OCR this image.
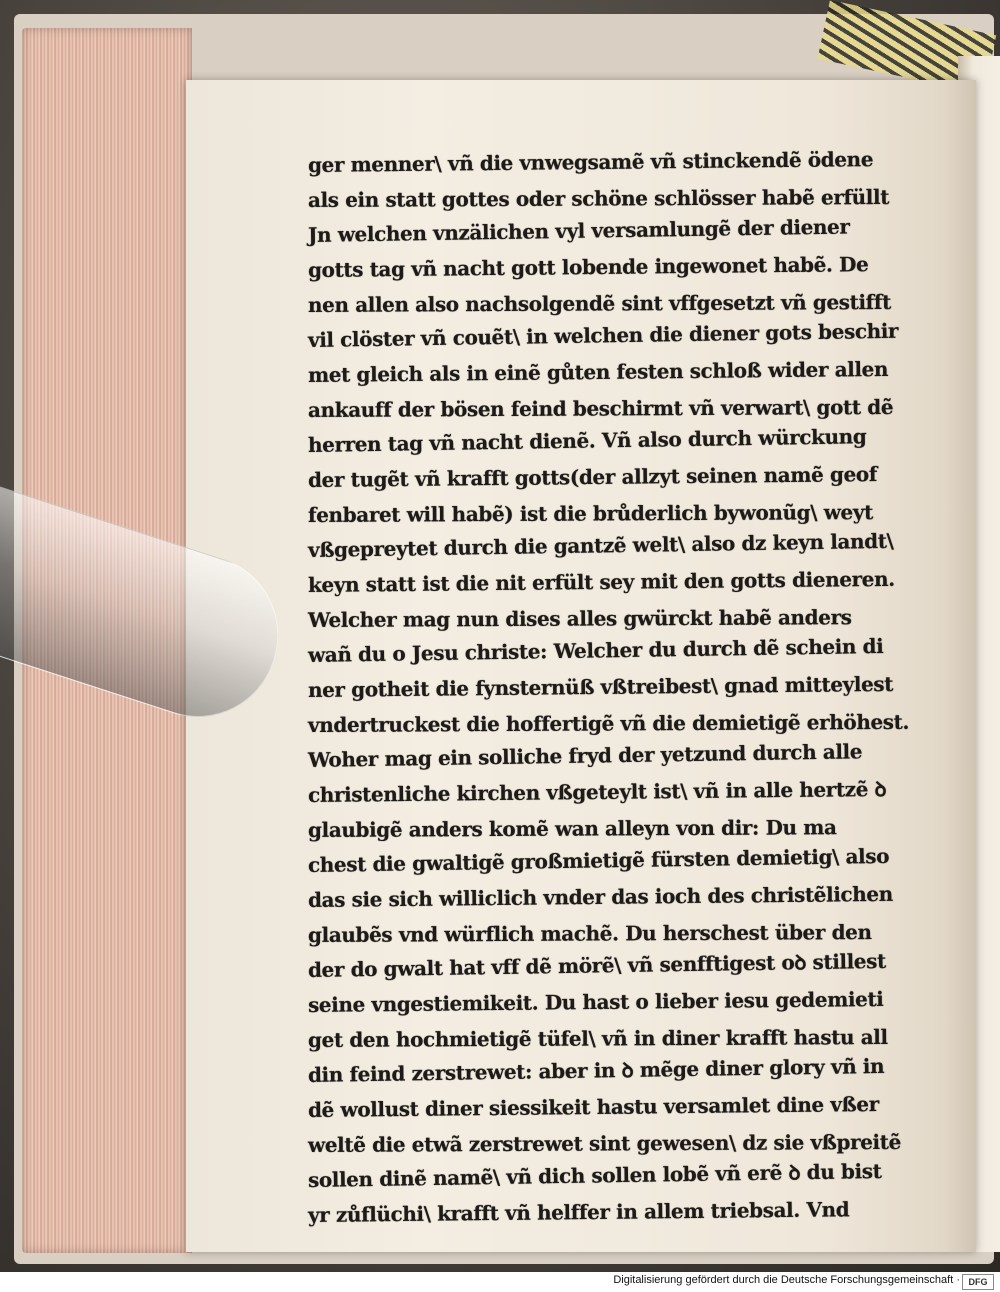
ger menner\ vñ die vnwegsamẽ vñ stinckendẽ ödene
als ein statt gottes oder schöne schlösser habẽ erfüllt
Jn welchen vnzälichen vyl versamlungẽ der diener
gotts tag vñ nacht gott lobende ingewonet habẽ. De
nen allen also nachsolgendẽ sint vffgesetzt vñ gestifft
vil clöster vñ couẽt\ in welchen die diener gots beschir
met gleich als in einẽ gůten festen schloß wider allen
ankauff der bösen feind beschirmt vñ verwart\ gott dẽ
herren tag vñ nacht dienẽ. Vñ also durch würckung
der tugẽt vñ krafft gotts(der allzyt seinen namẽ geof
fenbaret will habẽ) ist die brůderlich bywonũg\ weyt
vßgepreytet durch die gantzẽ welt\ also dz keyn landt\
keyn statt ist die nit erfült sey mit den gotts dieneren.
Welcher mag nun dises alles gwürckt habẽ anders
wañ du o Jesu christe: Welcher du durch dẽ schein di
ner gotheit die fynsternüß vßtreibest\ gnad mitteylest
vndertruckest die hoffertigẽ vñ die demietigẽ erhöhest.
Woher mag ein solliche fryd der yetzund durch alle
christenliche kirchen vßgeteylt ist\ vñ in alle hertzẽ ꝺ
glaubigẽ anders komẽ wan alleyn von dir: Du ma
chest die gwaltigẽ großmietigẽ fürsten demietig\ also
das sie sich williclich vnder das ioch des christẽlichen
glaubẽs vnd würflich machẽ. Du herschest über den
der do gwalt hat vff dẽ mörẽ\ vñ senfftigest oꝺ stillest
seine vngestiemikeit. Du hast o lieber iesu gedemieti
get den hochmietigẽ tüfel\ vñ in diner krafft hastu all
din feind zerstrewet: aber in ꝺ mẽge diner glory vñ in
dẽ wollust diner siessikeit hastu versamlet dine vßer
weltẽ die etwã zerstrewet sint gewesen\ dz sie vßpreitẽ
sollen dinẽ namẽ\ vñ dich sollen lobẽ vñ erẽ ꝺ du bist
yr zůflüchi\ krafft vñ helffer in allem triebsal. Vnd
Digitalisierung gefördert durch die Deutsche Forschungsgemeinschaft · DFG
